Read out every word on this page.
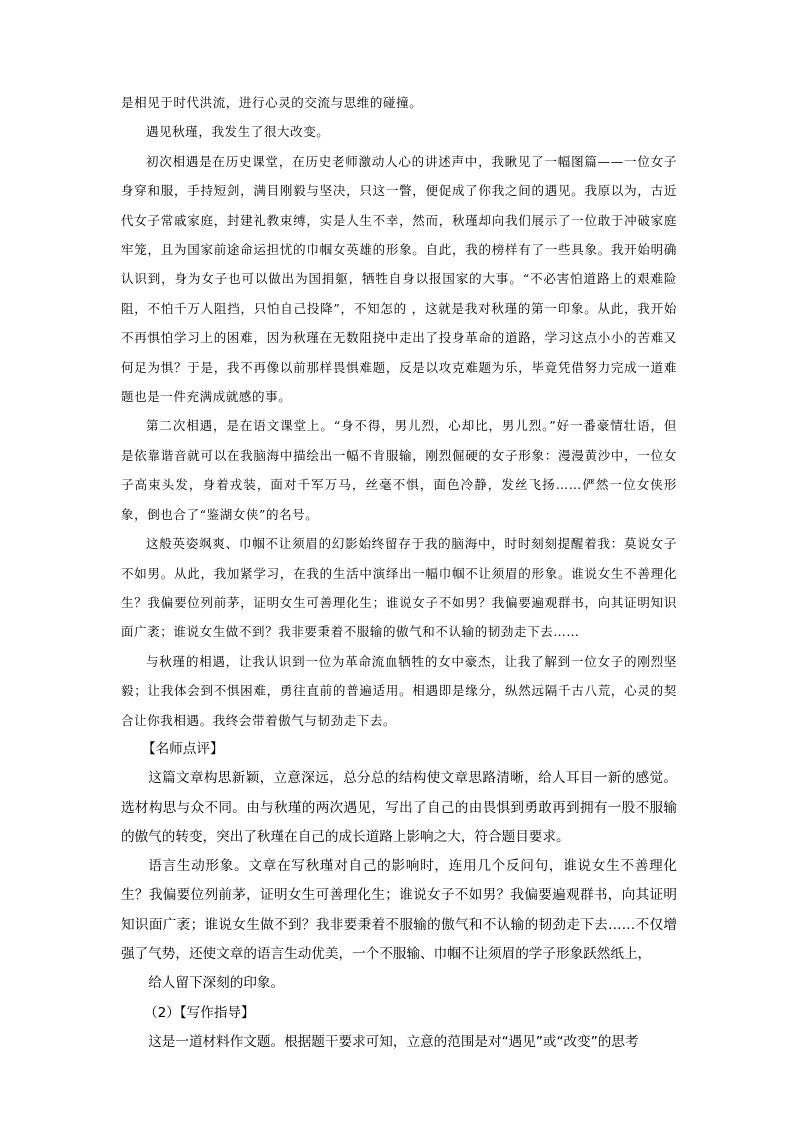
是相见于时代洪流，进行心灵的交流与思维的碰撞。

遇见秋瑾，我发生了很大改变。

初次相遇是在历史课堂，在历史老师激动人心的讲述声中，我瞅见了一幅图篇——一位女子身穿和服，手持短剑，满目刚毅与坚决，只这一瞥，便促成了你我之间的遇见。我原以为，古近代女子常戚家庭，封建礼教束缚，实是人生不幸，然而，秋瑾却向我们展示了一位敢于冲破家庭牢笼，且为国家前途命运担忧的巾帼女英雄的形象。自此，我的榜样有了一些具象。我开始明确认识到，身为女子也可以做出为国捐躯，牺牲自身以报国家的大事。“不必害怕道路上的艰难险阻，不怕千万人阻挡，只怕自己投降”，不知怎的 ，这就是我对秋瑾的第一印象。从此，我开始不再惧怕学习上的困难，因为秋瑾在无数阻挠中走出了投身革命的道路，学习这点小小的苦难又何足为惧？于是，我不再像以前那样畏惧难题，反是以攻克难题为乐，毕竟凭借努力完成一道难题也是一件充满成就感的事。

第二次相遇，是在语文课堂上。“身不得，男儿烈，心却比，男儿烈。”好一番豪情壮语，但是依靠谐音就可以在我脑海中描绘出一幅不肯服输，刚烈倔硬的女子形象：漫漫黄沙中，一位女子高束头发，身着戎装，面对千军万马，丝毫不惧，面色冷静，发丝飞扬……俨然一位女侠形象，倒也合了“鉴湖女侠”的名号。

这般英姿飒爽、巾帼不让须眉的幻影始终留存于我的脑海中，时时刻刻提醒着我：莫说女子不如男。从此，我加紧学习，在我的生活中演绎出一幅巾帼不让须眉的形象。谁说女生不善理化生？我偏要位列前茅，证明女生可善理化生；谁说女子不如男？我偏要遍观群书，向其证明知识面广袤；谁说女生做不到？我非要秉着不服输的傲气和不认输的韧劲走下去……

与秋瑾的相遇，让我认识到一位为革命流血牺牲的女中豪杰，让我了解到一位女子的刚烈坚毅；让我体会到不惧困难，勇往直前的普遍适用。相遇即是缘分，纵然远隔千古八荒，心灵的契合让你我相遇。我终会带着傲气与韧劲走下去。

【名师点评】

这篇文章构思新颖，立意深远，总分总的结构使文章思路清晰，给人耳目一新的感觉。选材构思与众不同。由与秋瑾的两次遇见，写出了自己的由畏惧到勇敢再到拥有一股不服输的傲气的转变，突出了秋瑾在自己的成长道路上影响之大，符合题目要求。

语言生动形象。文章在写秋瑾对自己的影响时，连用几个反问句，谁说女生不善理化生？我偏要位列前茅，证明女生可善理化生；谁说女子不如男？我偏要遍观群书，向其证明知识面广袤；谁说女生做不到？我非要秉着不服输的傲气和不认输的韧劲走下去……不仅增强了气势，还使文章的语言生动优美，一个不服输、巾帼不让须眉的学子形象跃然纸上，

给人留下深刻的印象。

（2）【写作指导】

这是一道材料作文题。根据题干要求可知，立意的范围是对“遇见”或“改变”的思考
